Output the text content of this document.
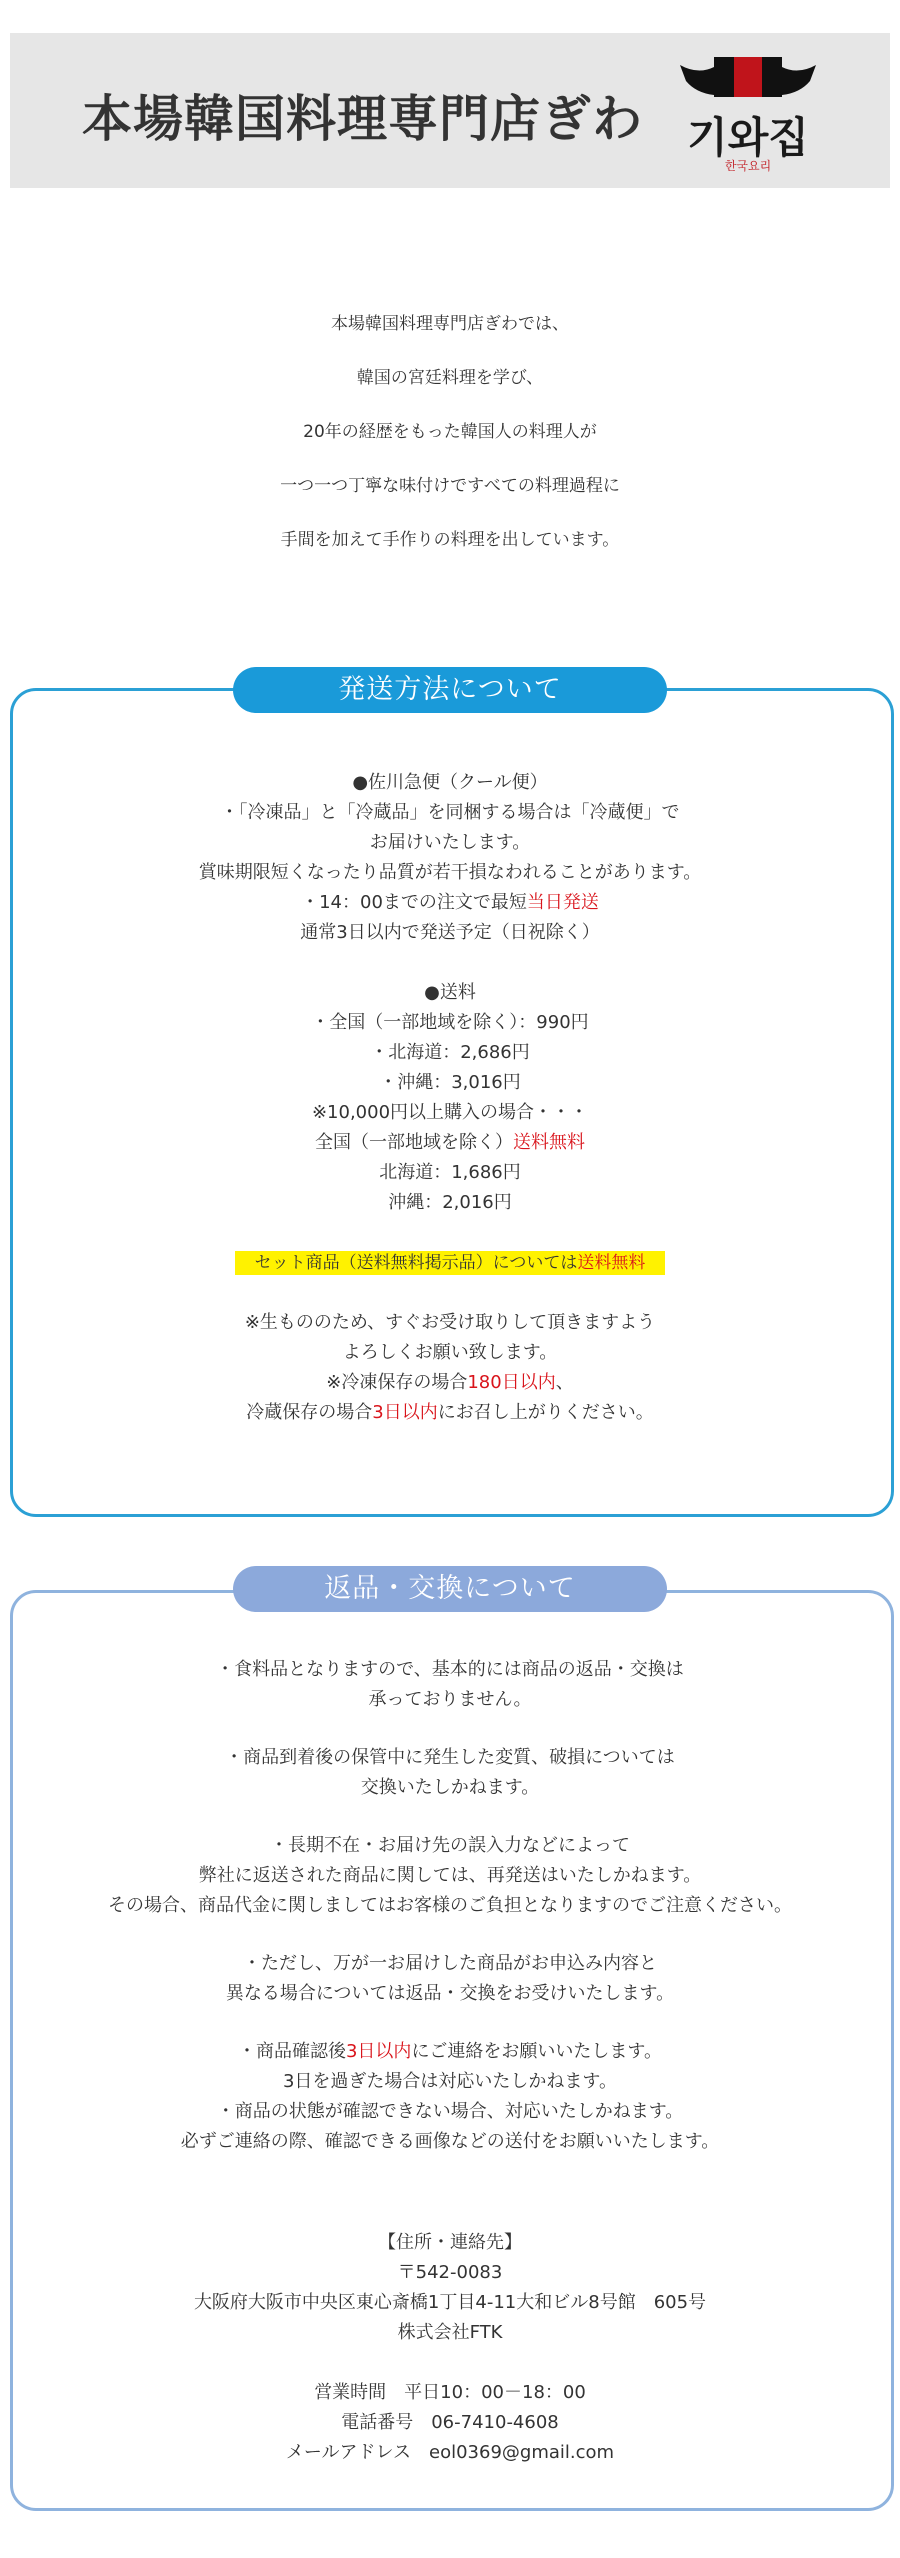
本場韓国料理専門店ぎわ 기와집
한국요리

本場韓国料理専門店ぎわでは、

韓国の宮廷料理を学び、

20年の経歴をもった韓国人の料理人が

一つ一つ丁寧な味付けですべての料理過程に

手間を加えて手作りの料理を出しています。

発送方法について

●佐川急便（クール便）

・「冷凍品」と「冷蔵品」を同梱する場合は「冷蔵便」で

お届けいたします。

賞味期限短くなったり品質が若干損なわれることがあります。

・14：00までの注文で最短当日発送

通常3日以内で発送予定（日祝除く）

●送料

・全国（一部地域を除く）：990円

・北海道：2,686円

・沖縄：3,016円

※10,000円以上購入の場合・・・

全国（一部地域を除く）送料無料

北海道：1,686円

沖縄：2,016円

セット商品（送料無料掲示品）については送料無料

※生もののため、すぐお受け取りして頂きますよう

よろしくお願い致します。

※冷凍保存の場合180日以内、

冷蔵保存の場合3日以内にお召し上がりください。

返品・交換について

・食料品となりますので、基本的には商品の返品・交換は

承っておりません。

・商品到着後の保管中に発生した変質、破損については

交換いたしかねます。

・長期不在・お届け先の誤入力などによって

弊社に返送された商品に関しては、再発送はいたしかねます。

その場合、商品代金に関しましてはお客様のご負担となりますのでご注意ください。

・ただし、万が一お届けした商品がお申込み内容と

異なる場合については返品・交換をお受けいたします。

・商品確認後3日以内にご連絡をお願いいたします。

3日を過ぎた場合は対応いたしかねます。

・商品の状態が確認できない場合、対応いたしかねます。

必ずご連絡の際、確認できる画像などの送付をお願いいたします。

【住所・連絡先】

〒542-0083

大阪府大阪市中央区東心斎橋1丁目4-11大和ビル8号館　605号

株式会社FTK

営業時間　平日10：00－18：00

電話番号　06-7410-4608

メールアドレス　eol0369@gmail.com
